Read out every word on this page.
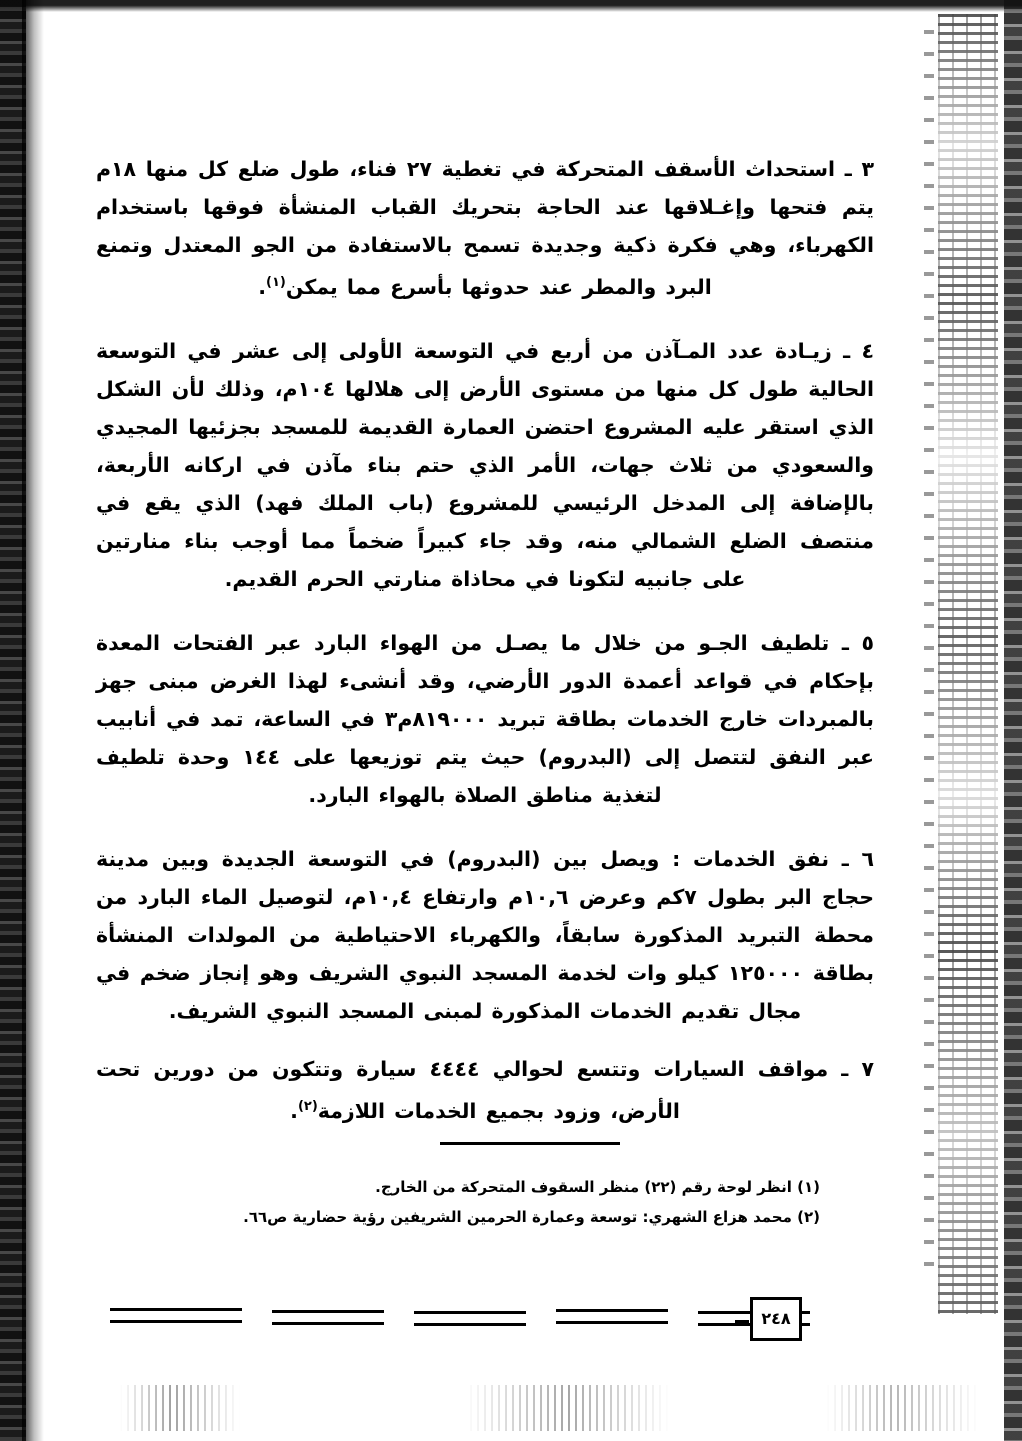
٣ ـ استحداث الأسقف المتحركة في تغطية ٢٧ فناء، طول ضلع كل منها ١٨م يتم فتحها وإغـلاقها عند الحاجة بتحريك القباب المنشأة فوقها باستخدام الكهرباء، وهي فكرة ذكية وجديدة تسمح بالاستفادة من الجو المعتدل وتمنع البرد والمطر عند حدوثها بأسرع مما يمكن$^{(١)}$.

٤ ـ زيـادة عدد المـآذن من أربع في التوسعة الأولى إلى عشر في التوسعة الحالية طول كل منها من مستوى الأرض إلى هلالها ١٠٤م، وذلك لأن الشكل الذي استقر عليه المشروع احتضن العمارة القديمة للمسجد بجزئيها المجيدي والسعودي من ثلاث جهات، الأمر الذي حتم بناء مآذن في اركانه الأربعة، بالإضافة إلى المدخل الرئيسي للمشروع (باب الملك فهد) الذي يقع في منتصف الضلع الشمالي منه، وقد جاء كبيراً ضخماً مما أوجب بناء منارتين على جانبيه لتكونا في محاذاة منارتي الحرم القديم.

٥ ـ تلطيف الجـو من خلال ما يصـل من الهواء البارد عبر الفتحات المعدة بإحكام في قواعد أعمدة الدور الأرضي، وقد أنشىء لهذا الغرض مبنى جهز بالمبردات خارج الخدمات بطاقة تبريد ٨١٩٠٠٠م٣ في الساعة، تمد في أنابيب عبر النفق لتتصل إلى (البدروم) حيث يتم توزيعها على ١٤٤ وحدة تلطيف لتغذية مناطق الصلاة بالهواء البارد.

٦ ـ نفق الخدمات : ويصل بين (البدروم) في التوسعة الجديدة وبين مدينة حجاج البر بطول ٧كم وعرض ١٠,٦م وارتفاع ١٠,٤م، لتوصيل الماء البارد من محطة التبريد المذكورة سابقاً، والكهرباء الاحتياطية من المولدات المنشأة بطاقة ١٢٥٠٠٠ كيلو وات لخدمة المسجد النبوي الشريف وهو إنجاز ضخم في مجال تقديم الخدمات المذكورة لمبنى المسجد النبوي الشريف.

٧ ـ مواقف السيارات وتتسع لحوالي ٤٤٤٤ سيارة وتتكون من دورين تحت الأرض، وزود بجميع الخدمات اللازمة$^{(٢)}$.

(١) انظر لوحة رقم (٢٢) منظر السقوف المتحركة من الخارج.
(٢) محمد هزاع الشهري: توسعة وعمارة الحرمين الشريفين رؤية حضارية ص٦٦.
٢٤٨
